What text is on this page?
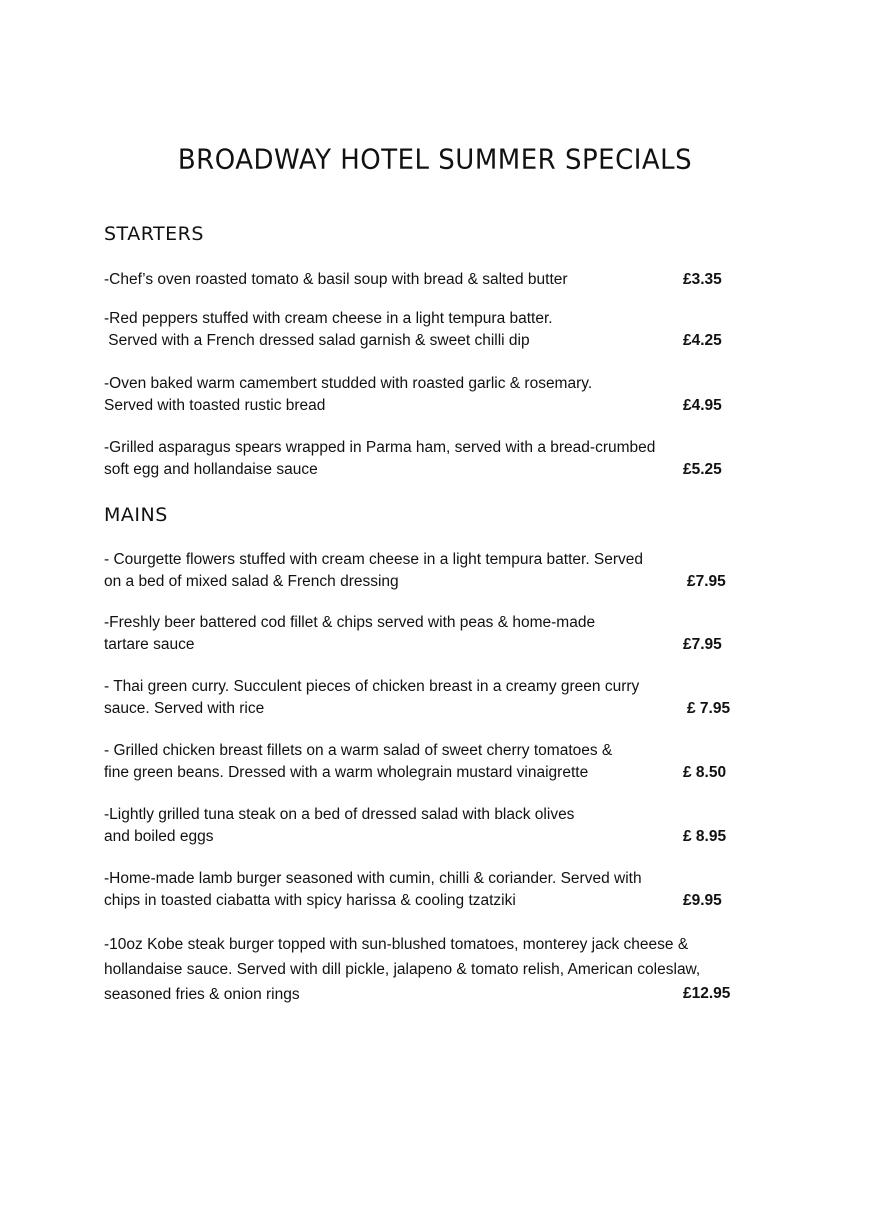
BROADWAY HOTEL SUMMER SPECIALS
STARTERS
-Chef’s oven roasted tomato & basil soup with bread & salted butter	£3.35
-Red peppers stuffed with cream cheese in a light tempura batter.
Served with a French dressed salad garnish & sweet chilli dip	£4.25
-Oven baked warm camembert studded with roasted garlic & rosemary.
Served with toasted rustic bread	£4.95
-Grilled asparagus spears wrapped in Parma ham, served with a bread-crumbed
soft egg and hollandaise sauce	£5.25
MAINS
- Courgette flowers stuffed with cream cheese in a light tempura batter. Served
on a bed of mixed salad & French dressing	£7.95
-Freshly beer battered cod fillet & chips served with peas & home-made
tartare sauce	£7.95
- Thai green curry. Succulent pieces of chicken breast in a creamy green curry
sauce. Served with rice	£ 7.95
- Grilled chicken breast fillets on a warm salad of sweet cherry tomatoes &
fine green beans. Dressed with a warm wholegrain mustard vinaigrette	£ 8.50
-Lightly grilled tuna steak on a bed of dressed salad with black olives
and boiled eggs	£ 8.95
-Home-made lamb burger seasoned with cumin, chilli & coriander. Served with
chips in toasted ciabatta with spicy harissa & cooling tzatziki	£9.95
-10oz Kobe steak burger topped with sun-blushed tomatoes, monterey jack cheese &
hollandaise sauce. Served with dill pickle, jalapeno & tomato relish, American coleslaw,
seasoned fries & onion rings	£12.95
